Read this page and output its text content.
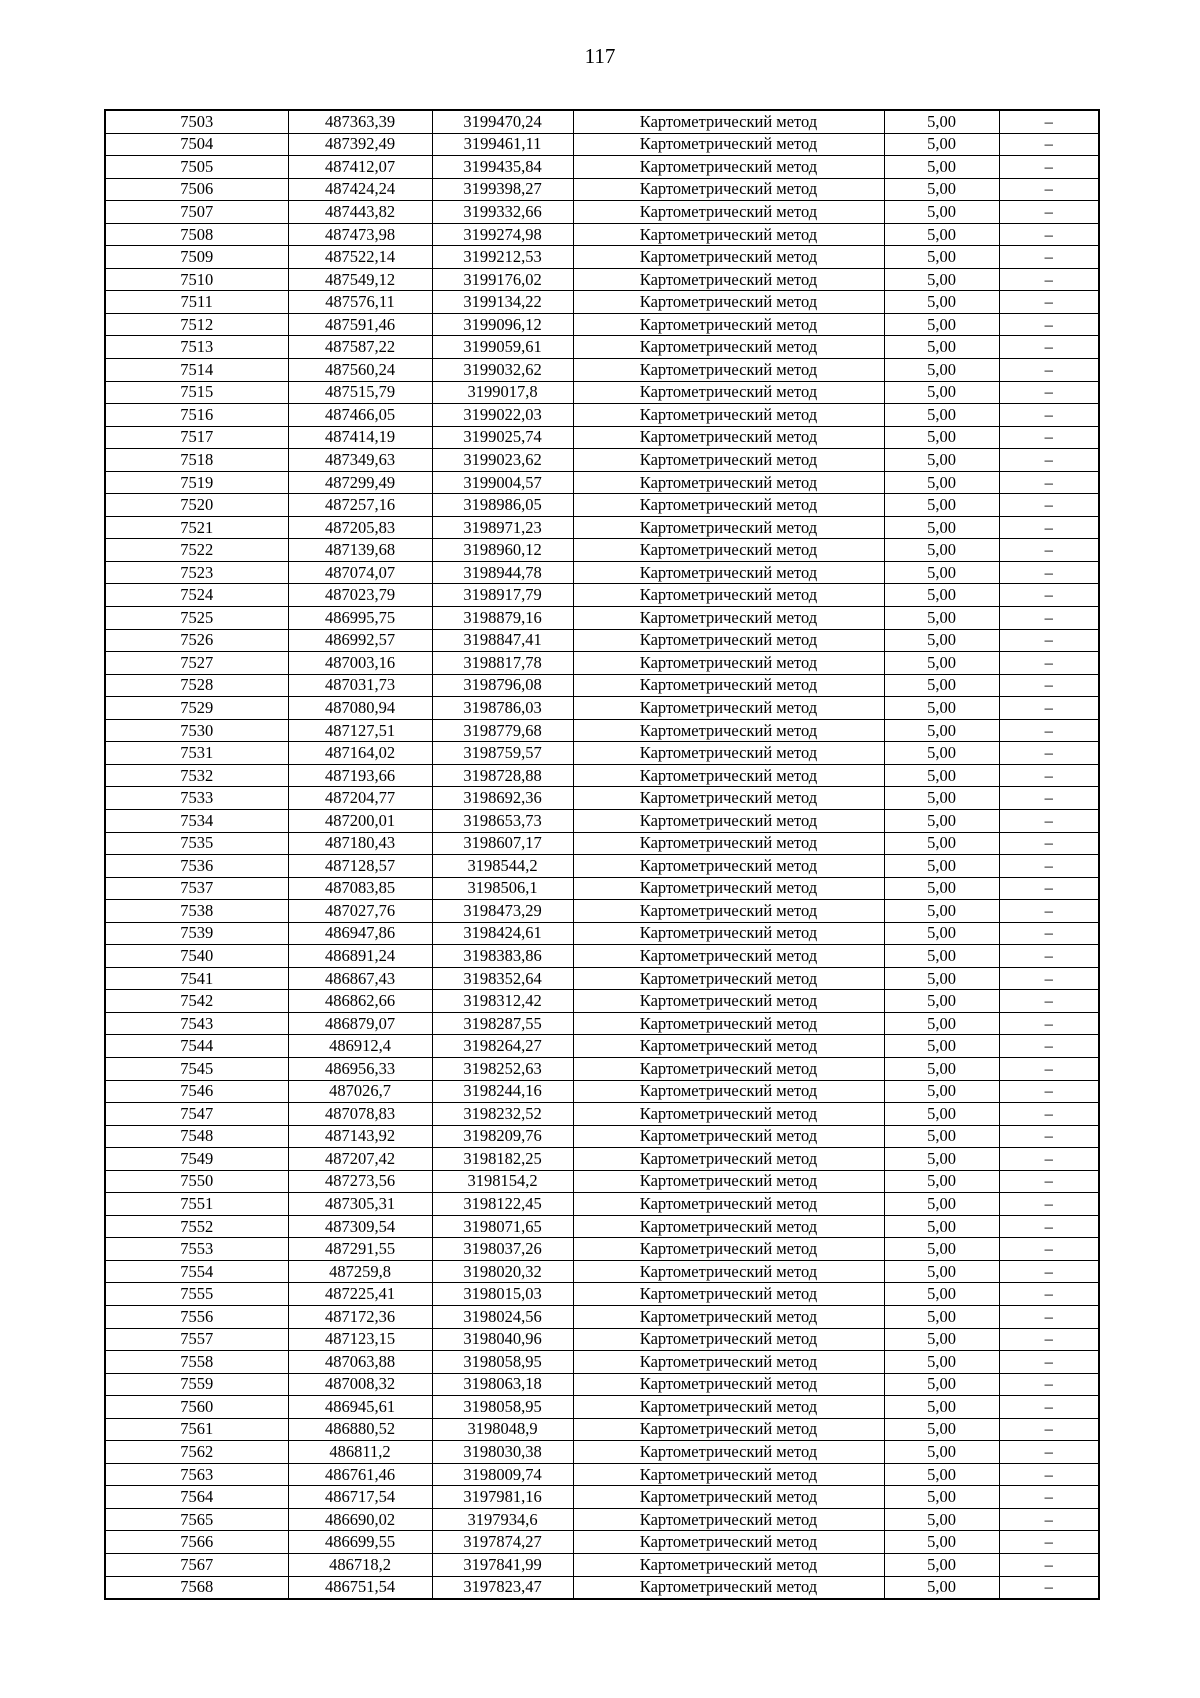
117
7503	487363,39	3199470,24	Картометрический метод	5,00	–
7504	487392,49	3199461,11	Картометрический метод	5,00	–
7505	487412,07	3199435,84	Картометрический метод	5,00	–
7506	487424,24	3199398,27	Картометрический метод	5,00	–
7507	487443,82	3199332,66	Картометрический метод	5,00	–
7508	487473,98	3199274,98	Картометрический метод	5,00	–
7509	487522,14	3199212,53	Картометрический метод	5,00	–
7510	487549,12	3199176,02	Картометрический метод	5,00	–
7511	487576,11	3199134,22	Картометрический метод	5,00	–
7512	487591,46	3199096,12	Картометрический метод	5,00	–
7513	487587,22	3199059,61	Картометрический метод	5,00	–
7514	487560,24	3199032,62	Картометрический метод	5,00	–
7515	487515,79	3199017,8	Картометрический метод	5,00	–
7516	487466,05	3199022,03	Картометрический метод	5,00	–
7517	487414,19	3199025,74	Картометрический метод	5,00	–
7518	487349,63	3199023,62	Картометрический метод	5,00	–
7519	487299,49	3199004,57	Картометрический метод	5,00	–
7520	487257,16	3198986,05	Картометрический метод	5,00	–
7521	487205,83	3198971,23	Картометрический метод	5,00	–
7522	487139,68	3198960,12	Картометрический метод	5,00	–
7523	487074,07	3198944,78	Картометрический метод	5,00	–
7524	487023,79	3198917,79	Картометрический метод	5,00	–
7525	486995,75	3198879,16	Картометрический метод	5,00	–
7526	486992,57	3198847,41	Картометрический метод	5,00	–
7527	487003,16	3198817,78	Картометрический метод	5,00	–
7528	487031,73	3198796,08	Картометрический метод	5,00	–
7529	487080,94	3198786,03	Картометрический метод	5,00	–
7530	487127,51	3198779,68	Картометрический метод	5,00	–
7531	487164,02	3198759,57	Картометрический метод	5,00	–
7532	487193,66	3198728,88	Картометрический метод	5,00	–
7533	487204,77	3198692,36	Картометрический метод	5,00	–
7534	487200,01	3198653,73	Картометрический метод	5,00	–
7535	487180,43	3198607,17	Картометрический метод	5,00	–
7536	487128,57	3198544,2	Картометрический метод	5,00	–
7537	487083,85	3198506,1	Картометрический метод	5,00	–
7538	487027,76	3198473,29	Картометрический метод	5,00	–
7539	486947,86	3198424,61	Картометрический метод	5,00	–
7540	486891,24	3198383,86	Картометрический метод	5,00	–
7541	486867,43	3198352,64	Картометрический метод	5,00	–
7542	486862,66	3198312,42	Картометрический метод	5,00	–
7543	486879,07	3198287,55	Картометрический метод	5,00	–
7544	486912,4	3198264,27	Картометрический метод	5,00	–
7545	486956,33	3198252,63	Картометрический метод	5,00	–
7546	487026,7	3198244,16	Картометрический метод	5,00	–
7547	487078,83	3198232,52	Картометрический метод	5,00	–
7548	487143,92	3198209,76	Картометрический метод	5,00	–
7549	487207,42	3198182,25	Картометрический метод	5,00	–
7550	487273,56	3198154,2	Картометрический метод	5,00	–
7551	487305,31	3198122,45	Картометрический метод	5,00	–
7552	487309,54	3198071,65	Картометрический метод	5,00	–
7553	487291,55	3198037,26	Картометрический метод	5,00	–
7554	487259,8	3198020,32	Картометрический метод	5,00	–
7555	487225,41	3198015,03	Картометрический метод	5,00	–
7556	487172,36	3198024,56	Картометрический метод	5,00	–
7557	487123,15	3198040,96	Картометрический метод	5,00	–
7558	487063,88	3198058,95	Картометрический метод	5,00	–
7559	487008,32	3198063,18	Картометрический метод	5,00	–
7560	486945,61	3198058,95	Картометрический метод	5,00	–
7561	486880,52	3198048,9	Картометрический метод	5,00	–
7562	486811,2	3198030,38	Картометрический метод	5,00	–
7563	486761,46	3198009,74	Картометрический метод	5,00	–
7564	486717,54	3197981,16	Картометрический метод	5,00	–
7565	486690,02	3197934,6	Картометрический метод	5,00	–
7566	486699,55	3197874,27	Картометрический метод	5,00	–
7567	486718,2	3197841,99	Картометрический метод	5,00	–
7568	486751,54	3197823,47	Картометрический метод	5,00	–
